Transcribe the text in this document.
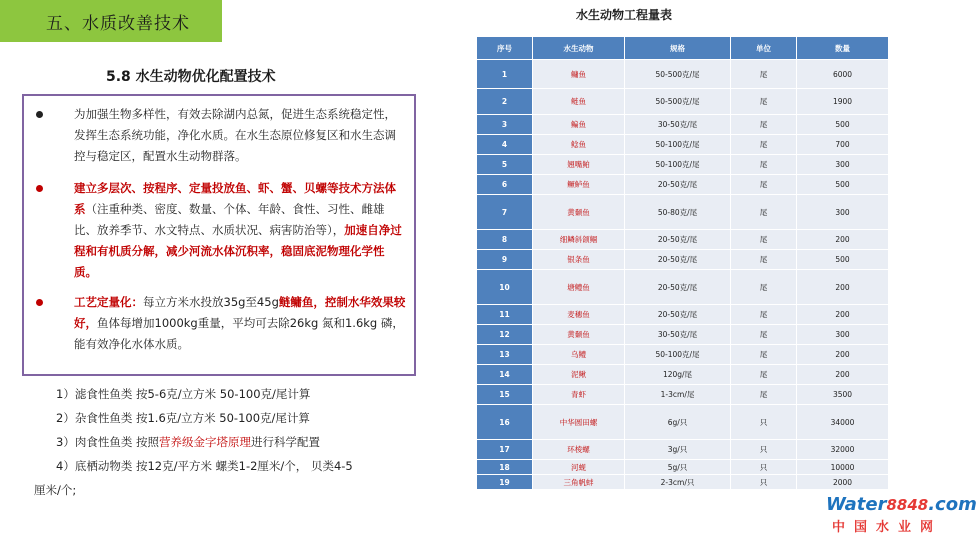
五、水质改善技术
5.8 水生动物优化配置技术
为加强生物多样性，有效去除湖内总氮，促进生态系统稳定性，发挥生态系统功能，净化水质。在水生态原位修复区和水生态调控与稳定区，配置水生动物群落。
建立多层次、按程序、定量投放鱼、虾、蟹、贝螺等技术方法体系（注重种类、密度、数量、个体、年龄、食性、习性、雌雄比、放养季节、水文特点、水质状况、病害防治等），加速自净过程和有机质分解，减少河流水体沉积率，稳固底泥物理化学性质。
工艺定量化：每立方米水投放35g至45g鲢鳙鱼，控制水华效果较好，鱼体每增加1000kg重量，平均可去除26kg 氮和1.6kg 磷，能有效净化水体水质。
1）滤食性鱼类 按5-6克/立方米 50-100克/尾计算
2）杂食性鱼类 按1.6克/立方米 50-100克/尾计算
3）肉食性鱼类 按照营养级金字塔原理进行科学配置
4）底栖动物类 按12克/平方米 螺类1-2厘米/个， 贝类4-5
厘米/个;
水生动物工程量表
序号	水生动物	规格	单位	数量
1	鳙鱼	50-500克/尾	尾	6000
2	鲢鱼	50-500克/尾	尾	1900
3	鳊鱼	30-50克/尾	尾	500
4	鲶鱼	50-100克/尾	尾	700
5	翘嘴鲌	50-100克/尾	尾	300
6	鳜鲈鱼	20-50克/尾	尾	500
7	黄颡鱼	50-80克/尾	尾	300
8	细鳞斜颌鲴	20-50克/尾	尾	200
9	银条鱼	20-50克/尾	尾	500
10	塘鳢鱼	20-50克/尾	尾	200
11	麦穗鱼	20-50克/尾	尾	200
12	黄颡鱼	30-50克/尾	尾	300
13	乌鳢	50-100克/尾	尾	200
14	泥鳅	120g/尾	尾	200
15	青虾	1-3cm/尾	尾	3500
16	中华圆田螺	6g/只	只	34000
17	环棱螺	3g/只	只	32000
18	河蚬	5g/只	只	10000
19	三角帆蚌	2-3cm/只	只	2000
Water8848.com
中国水业网
